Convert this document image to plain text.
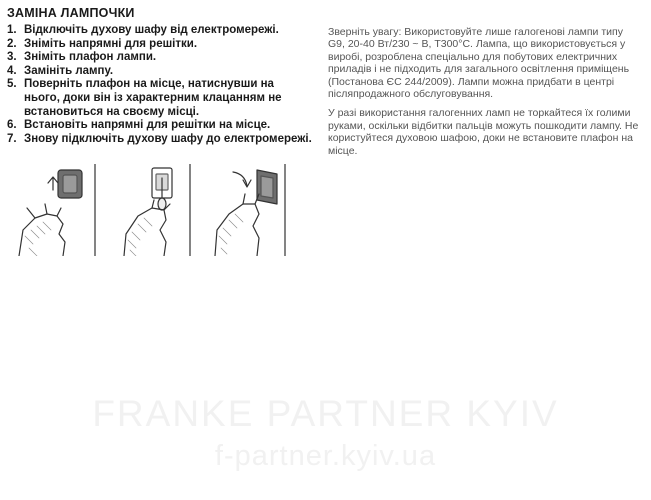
ЗАМІНА ЛАМПОЧКИ
1. Відключіть духову шафу від електромережі.
2. Зніміть напрямні для решітки.
3. Зніміть плафон лампи.
4. Замініть лампу.
5. Поверніть плафон на місце, натиснувши на нього, доки він із характерним клацанням не встановиться на своєму місці.
6. Встановіть напрямні для решітки на місце.
7. Знову підключіть духову шафу до електромережі.

Зверніть увагу: Використовуйте лише галогенові лампи типу G9, 20-40 Вт/230 ~ В, Т300°C. Лампа, що використовується у виробі, розроблена спеціально для побутових електричних приладів і не підходить для загального освітлення приміщень (Постанова ЄС 244/2009). Лампи можна придбати в центрі післяпродажного обслуговування.

У разі використання галогенних ламп не торкайтеся їх голими руками, оскільки відбитки пальців можуть пошкодити лампу. Не користуйтеся духовою шафою, доки не встановите плафон на місце.

FRANKE PARTNER KYIV
f-partner.kyiv.ua
